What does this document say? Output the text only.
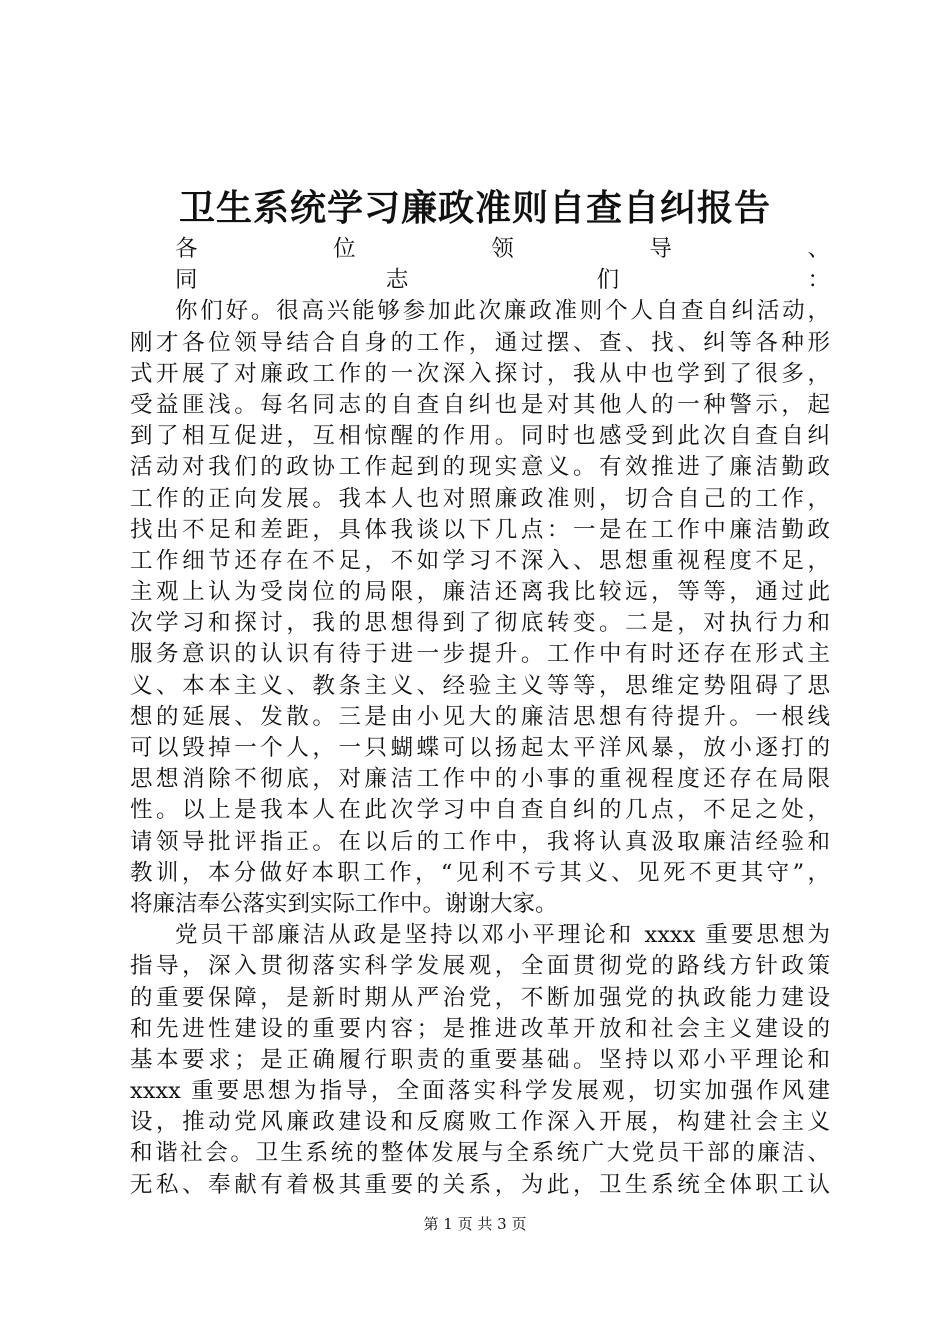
卫生系统学习廉政准则自查自纠报告
各位领导、
同志们：
你们好。很高兴能够参加此次廉政准则个人自查自纠活动，
刚才各位领导结合自身的工作，通过摆、查、找、纠等各种形
式开展了对廉政工作的一次深入探讨，我从中也学到了很多，
受益匪浅。每名同志的自查自纠也是对其他人的一种警示，起
到了相互促进，互相惊醒的作用。同时也感受到此次自查自纠
活动对我们的政协工作起到的现实意义。有效推进了廉洁勤政
工作的正向发展。我本人也对照廉政准则，切合自己的工作，
找出不足和差距，具体我谈以下几点：一是在工作中廉洁勤政
工作细节还存在不足，不如学习不深入、思想重视程度不足，
主观上认为受岗位的局限，廉洁还离我比较远，等等，通过此
次学习和探讨，我的思想得到了彻底转变。二是，对执行力和
服务意识的认识有待于进一步提升。工作中有时还存在形式主
义、本本主义、教条主义、经验主义等等，思维定势阻碍了思
想的延展、发散。三是由小见大的廉洁思想有待提升。一根线
可以毁掉一个人，一只蝴蝶可以扬起太平洋风暴，放小逐打的
思想消除不彻底，对廉洁工作中的小事的重视程度还存在局限
性。以上是我本人在此次学习中自查自纠的几点，不足之处，
请领导批评指正。在以后的工作中，我将认真汲取廉洁经验和
教训，本分做好本职工作，“见利不亏其义、见死不更其守”，
将廉洁奉公落实到实际工作中。谢谢大家。
党员干部廉洁从政是坚持以邓小平理论和 xxxx 重要思想为
指导，深入贯彻落实科学发展观，全面贯彻党的路线方针政策
的重要保障，是新时期从严治党，不断加强党的执政能力建设
和先进性建设的重要内容；是推进改革开放和社会主义建设的
基本要求；是正确履行职责的重要基础。坚持以邓小平理论和
xxxx 重要思想为指导，全面落实科学发展观，切实加强作风建
设，推动党风廉政建设和反腐败工作深入开展，构建社会主义
和谐社会。卫生系统的整体发展与全系统广大党员干部的廉洁、
无私、奉献有着极其重要的关系，为此，卫生系统全体职工认
第 1 页 共 3 页
